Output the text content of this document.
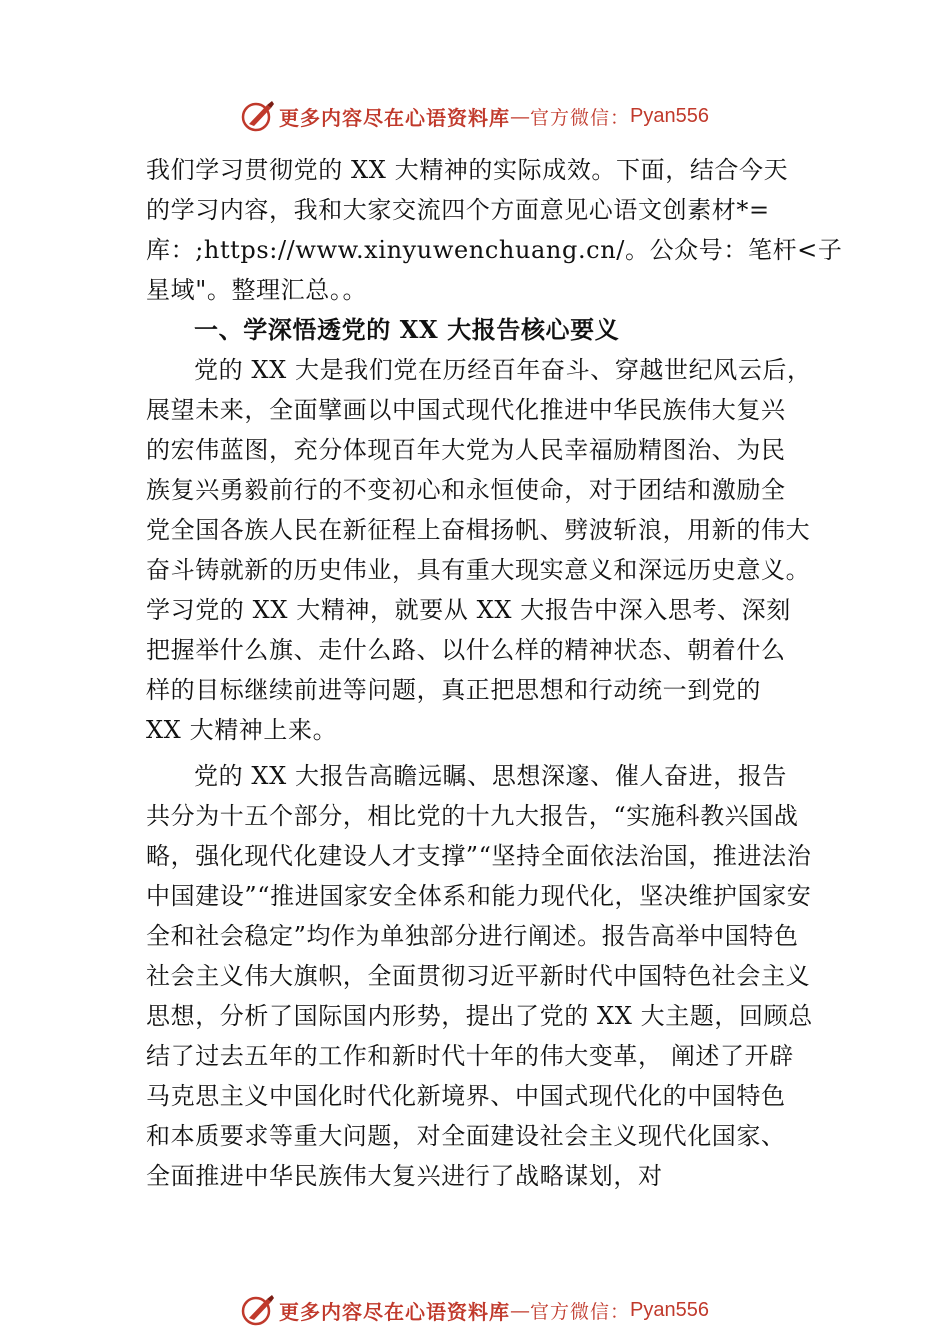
更多内容尽在心语资料库 — 官方微信： Pyan556
我们学习贯彻党的 XX 大精神的实际成效。下面，结合今天
的学习内容，我和大家交流四个方面意见心语文创素材*=
库：;https://www.xinyuwenchuang.cn/。公众号：笔杆<子
星域"。整理汇总。。
一、学深悟透党的 XX 大报告核心要义
党的 XX 大是我们党在历经百年奋斗、穿越世纪风云后，
展望未来，全面擘画以中国式现代化推进中华民族伟大复兴
的宏伟蓝图，充分体现百年大党为人民幸福励精图治、为民
族复兴勇毅前行的不变初心和永恒使命，对于团结和激励全
党全国各族人民在新征程上奋楫扬帆、劈波斩浪，用新的伟大
奋斗铸就新的历史伟业，具有重大现实意义和深远历史意义。
学习党的 XX 大精神，就要从 XX 大报告中深入思考、深刻
把握举什么旗、走什么路、以什么样的精神状态、朝着什么
样的目标继续前进等问题，真正把思想和行动统一到党的
XX 大精神上来。
党的 XX 大报告高瞻远瞩、思想深邃、催人奋进，报告
共分为十五个部分，相比党的十九大报告，“实施科教兴国战
略，强化现代化建设人才支撑”“坚持全面依法治国，推进法治
中国建设”“推进国家安全体系和能力现代化，坚决维护国家安
全和社会稳定”均作为单独部分进行阐述。报告高举中国特色
社会主义伟大旗帜，全面贯彻习近平新时代中国特色社会主义
思想，分析了国际国内形势，提出了党的 XX 大主题，回顾总
结了过去五年的工作和新时代十年的伟大变革， 阐述了开辟
马克思主义中国化时代化新境界、中国式现代化的中国特色
和本质要求等重大问题，对全面建设社会主义现代化国家、
全面推进中华民族伟大复兴进行了战略谋划，对
更多内容尽在心语资料库 — 官方微信： Pyan556
